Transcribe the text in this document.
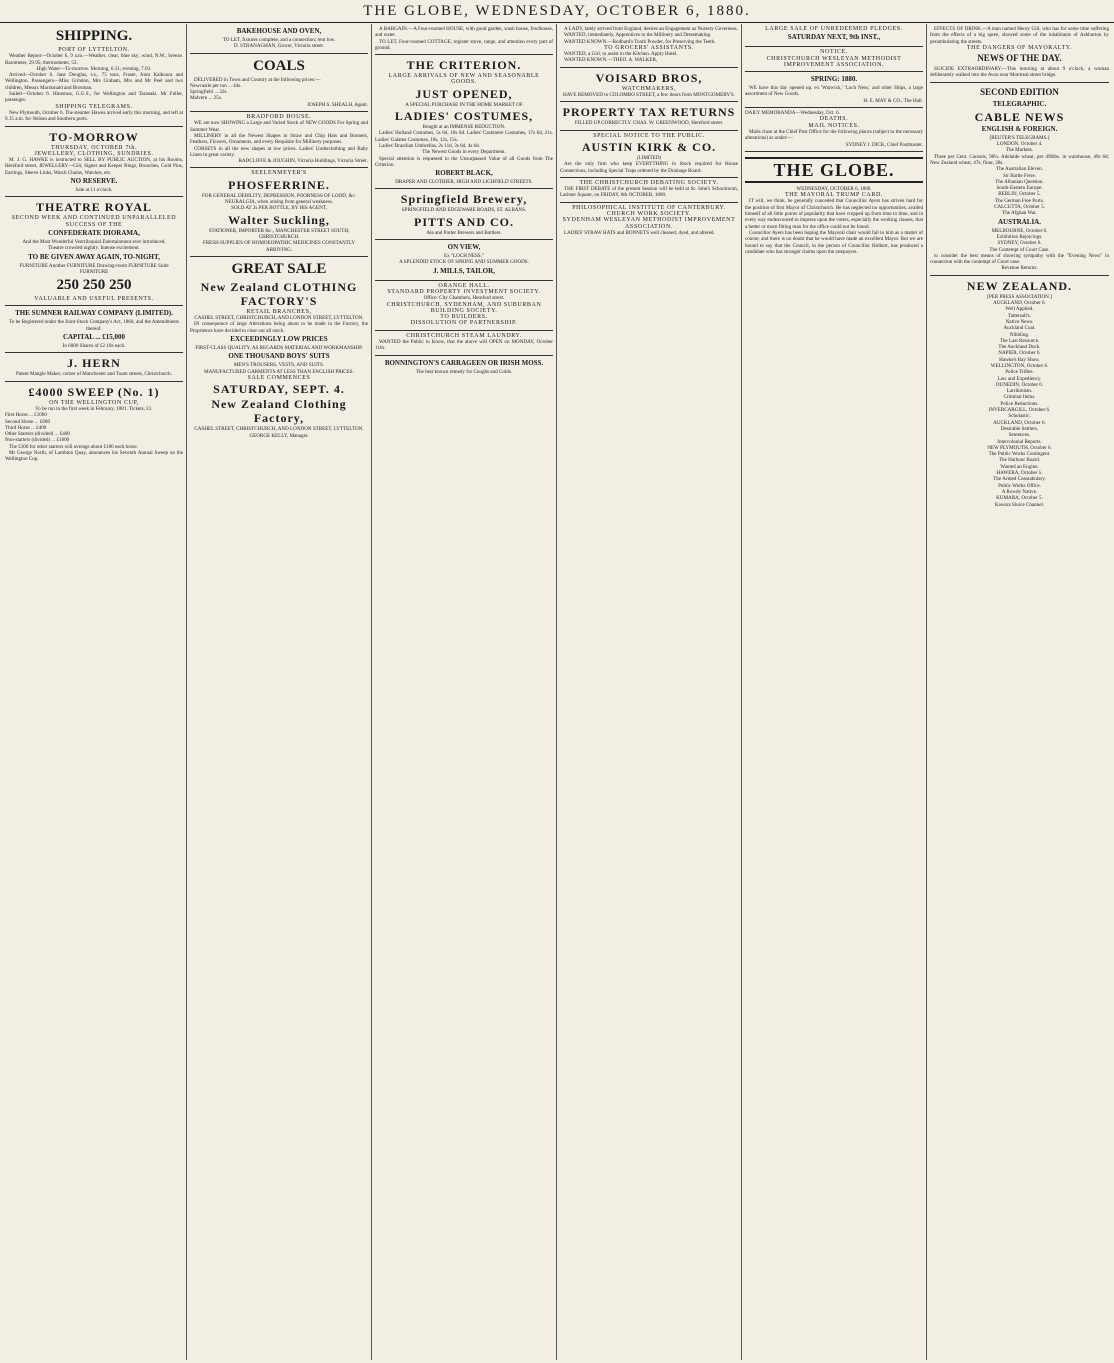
THE GLOBE, WEDNESDAY, OCTOBER 6, 1880.
SHIPPING.
PORT OF LYTTELTON.
Weather Report—October 6, 9 a.m.—Weather, clear, blue sky; wind, N.W., breeze. Barometer, 29.95; thermometer, 53.
High Water—To-morrow. Morning, 6.31; evening, 7.03.
Arrived—October 6. Jane Douglas, s.s., 75 tons, Fraser, from Kaikoura and Wellington. Passengers—Miss Grindon, Mrs Graham, Mrs and Mr Peel and two children, Messrs Macdonald and Brosman.
Sailed—October 6. Hinemoa, G.G.S., for Wellington and Taranaki. Mr Fuller, passenger.
SHIPPING TELEGRAMS.
New Plymouth, October 6. The steamer Hawea arrived early this morning, and left at 9.15 a.m. for Nelson and Southern ports.
TO-MORROW
THURSDAY, OCTOBER 7th.
JEWELLERY, CLOTHING, SUNDRIES.
M. J. G. HAWKE is instructed to SELL BY PUBLIC AUCTION, at his Rooms, Hereford street, JEWELLERY—Gilt, Signet and Keeper Rings, Brooches, Gold Pins, Earrings, Sleeve Links, Watch Chains, Watches, etc.
NO RESERVE.
Sale at 11 o'clock.
THEATRE ROYAL
SECOND WEEK AND CONTINUED UNPARALLELED SUCCESS OF THE
CONFEDERATE DIORAMA,
And the Most Wonderful Ventriloquial Entertainment ever introduced.
Theatre crowded nightly. Intense excitement.
TO BE GIVEN AWAY AGAIN, TO-NIGHT,
FURNITURE Another FURNITURE Drawing-room FURNITURE Suite FURNITURE
250 250 250
VALUABLE AND USEFUL PRESENTS.
THE SUMNER RAILWAY COMPANY (LIMITED).
To be Registered under the Joint-Stock Company's Act, 1860, and the Amendments thereof.
CAPITAL ... £15,000
In 6000 Shares of £2 10s each.
J. HERN
Patent Mangle Maker, corner of Manchester and Tuam streets, Christchurch.
£4000 SWEEP (No. 1)
ON THE WELLINGTON CUP,
To be run in the first week in February, 1881. Tickets, £1.
First Horse ... £1000
Second Horse ... £600
Third Horse ... £400
Other Starters (divided) ... £400
Non-starters (divided) ... £1600
The £100 for other starters will average about £100 each horse.
Mr George North, of Lambton Quay, announces his Seventh Annual Sweep on the Wellington Cup.
BAKEHOUSE AND OVEN,
TO LET, fixtures complete, and a connection; rent low.
D. STRANAGHAN, Grocer, Victoria street.
COALS
DELIVERED in Town and Country at the following prices:—
Newcastle per ton ... 44s.
Springfield ... 32s.
Malvern ... 25s.
JOSEPH S. SHEALH, Agent.
BRADFORD HOUSE.
WE are now SHOWING a Large and Varied Stock of NEW GOODS For Spring and Summer Wear.
MILLINERY in all the Newest Shapes in Straw and Chip Hats and Bonnets, Feathers, Flowers, Ornaments, and every Requisite for Millinery purposes.
CORSETS in all the new shapes at low prices. Ladies' Underclothing and Baby Linen in great variety.
RADCLIFFE & JOUGHIN, Victoria Buildings, Victoria Street.
SEELENMEYER'S
PHOSFERRINE.
FOR GENERAL DEBILITY, DEPRESSION, POORNESS OF LOOD, &c.
NEURALGIA, when arising from general weakness.
SOLD AT 2s PER BOTTLE, BY HIS AGENT,
Walter Suckling,
STATIONER, IMPORTER &c., MANCHESTER STREET SOUTH, CHRISTCHURCH.
FRESH SUPPLIES OF HOMOEOPATHIC MEDICINES CONSTANTLY ARRIVING.
GREAT SALE
New Zealand CLOTHING FACTORY'S
RETAIL BRANCHES,
CASHEL STREET, CHRISTCHURCH, AND LONDON STREET, LYTTELTON.
IN consequence of large Alterations being about to be made in the Factory, the Proprietors have decided to clear out all stock.
EXCEEDINGLY LOW PRICES
FIRST-CLASS QUALITY, AS REGARDS MATERIAL AND WORKMANSHIP.
ONE THOUSAND BOYS' SUITS
MEN'S TROUSERS, VESTS, AND SUITS.
MANUFACTURED GARMENTS AT LESS THAN ENGLISH PRICES.
SALE COMMENCES
SATURDAY, SEPT. 4.
New Zealand Clothing Factory,
CASHEL STREET, CHRISTCHURCH, AND LONDON STREET, LYTTELTON. GEORGE KELLY, Manager.
A BARGAIN.—A Four-roomed HOUSE, with good garden, wash house, fowlhouse, and water.
TO LET, Four-roomed COTTAGE, register stove, range, and attention every part of ground.
THE CRITERION.
LARGE ARRIVALS OF NEW AND SEASONABLE GOODS.
JUST OPENED,
A SPECIAL PURCHASE IN THE HOME MARKET OF
LADIES' COSTUMES,
Bought at an IMMENSE REDUCTION.
Ladies' Holland Costumes, 5s 6d, 10s 6d. Ladies' Cashmere Costumes, 17s 6d, 21s. Ladies' Galatea Costumes, 10s, 12s, 15s.
Ladies' Brazilian Umbrellas, 2s 11d, 3s 6d, 4s 6d.
The Newest Goods in every Department.
Special attention is requested to the Unsurpassed Value of all Goods from The Criterion.
ROBERT BLACK,
DRAPER AND CLOTHIER, HIGH AND LICHFIELD STREETS.
Springfield Brewery,
SPRINGFIELD AND EDGEWARE ROADS, ST. ALBANS.
PITTS AND CO.
Ale and Porter Brewers and Bottlers.
ON VIEW,
Ex "LOCH NESS,"
A SPLENDID STOCK OF SPRING AND SUMMER GOODS.
J. MILLS, TAILOR,
ORANGE HALL.
STANDARD PROPERTY INVESTMENT SOCIETY.
Office: City Chambers, Hereford street.
CHRISTCHURCH, SYDENHAM, AND SUBURBAN BUILDING SOCIETY.
TO BUILDERS.
DISSOLUTION OF PARTNERSHIP.
CHRISTCHURCH STEAM LAUNDRY.
WANTED the Public to Know, that the above will OPEN on MONDAY, October 11th.
BONNINGTON'S CARRAGEEN OR IRISH MOSS.
The best known remedy for Coughs and Colds.
A LADY, lately arrived from England, desires an Engagement as Nursery Governess.
WANTED, immediately, Apprentices to the Millinery and Dressmaking.
WANTED KNOWN.—Rodbard's Tooth Powder, for Preserving the Teeth.
TO GROCERS' ASSISTANTS.
WANTED, a Girl, to assist in the Kitchen. Apply Hotel.
WANTED KNOWN.—THEO. A. WALKER,
VOISARD BROS,
WATCHMAKERS,
HAVE REMOVED to COLOMBO STREET, a few doors from MONTGOMERY'S.
PROPERTY TAX RETURNS
FILLED UP CORRECTLY. CHAS. W. GREENWOOD, Hereford street.
SPECIAL NOTICE TO THE PUBLIC.
AUSTIN KIRK & CO.
(LIMITED)
Are the only firm who keep EVERYTHING in Stock required for House Connections, including Special Traps ordered by the Drainage Board.
THE CHRISTCHURCH DEBATING SOCIETY.
THE FIRST DEBATE of the present Session will be held at St. John's Schoolroom, Latimer Square, on FRIDAY, 8th OCTOBER, 1880.
PHILOSOPHICAL INSTITUTE OF CANTERBURY.
CHURCH WORK SOCIETY.
SYDENHAM WESLEYAN METHODIST IMPROVEMENT ASSOCIATION.
LADIES' STRAW HATS and BONNETS well cleaned, dyed, and altered.
LARGE SALE OF UNREDEEMED PLEDGES.
SATURDAY NEXT, 9th INST.,
NOTICE.
CHRISTCHURCH WESLEYAN METHODIST IMPROVEMENT ASSOCIATION.
SPRING: 1880.
WE have this day opened up, ex 'Warwick,' 'Loch Ness,' and other Ships, a large assortment of New Goods.
H. E. MAY & CO., The Hall.
DAILY MEMORANDA—Wednesday, Oct. 6.
DEATHS.
MAIL NOTICES.
Mails close at the Chief Post Office for the following places (subject to the necessary alterations) as under:—
SYDNEY J. DICK, Chief Postmaster.
THE GLOBE.
WEDNESDAY, OCTOBER 6, 1880.
THE MAYORAL TRUMP CARD.
IT will, we think, be generally conceded that Councillor Ayers has striven hard for the position of first Mayor of Christchurch. He has neglected no opportunities, availed himself of all little points of popularity that have cropped up from time to time, and in every way endeavoured to impress upon the voters, especially the working classes, that a better or more fitting man for the office could not be found.
Councillor Ayers has been hoping the Mayoral chair would fall to him as a matter of course; and there is no doubt that he would have made an excellent Mayor. But we are bound to say that the Council, in the person of Councillor Hulbert, has produced a candidate who has stronger claims upon the ratepayers.
EFFECTS OF DRINK.—A man named Henry Gill, who has for some time suffering from the effects of a big spree, showed some of the inhabitants of Ashburton by perambulating the streets.
THE DANGERS OF MAYORALTY.
NEWS OF THE DAY.
SUICIDE EXTRAORDINARY.—This morning at about 9 o'clock, a woman deliberately walked into the Avon near Montreal street bridge.
SECOND EDITION
TELEGRAPHIC.
CABLE NEWS
ENGLISH & FOREIGN.
[REUTER'S TELEGRAMS.]
LONDON, October 4.
The Markets.
Three per Cent. Consols, 98¼. Adelaide wheat, per 496lbs. in warehouse, 49s 6d; New Zealand wheat, 47s; flour, 38s.
The Australian Eleven.
Sir Bartle Frere.
The Albanian Question.
South-Eastern Europe.
BERLIN, October 5.
The German Free Ports.
CALCUTTA, October 5.
The Afghan War.
AUSTRALIA.
MELBOURNE, October 6.
Exhibition Rejoicings.
SYDNEY, October 6.
The Contempt of Court Case.
to consider the best means of showing sympathy with the "Evening News" in connection with the contempt of Court case.
Revenue Returns.
NEW ZEALAND.
[PER PRESS ASSOCIATION.]
AUCKLAND, October 6.
Well Applied.
Tattersall's.
Native News.
Auckland Coal.
Nibbling.
The Last Resource.
The Auckland Dock.
NAPIER, October 6.
Hawke's Bay Show.
WELLINGTON, October 6.
Police Trifles.
Law and Expediency.
DUNEDIN, October 6.
Larrikinism.
Criminal Items.
Police Reductions.
INVERCARGILL, October 6.
Scholastic.
AUCKLAND, October 6.
Desirable Settlers.
Sentences.
Intercolonial Reports.
NEW PLYMOUTH, October 6.
The Public Works Contingent.
The Harbour Board.
Wanted an Engine.
HAWERA, October 5.
The Armed Constabulary.
Public Works Office.
A Rowdy Native.
KUMARA, October 5.
Kawara Sluice Channel.
